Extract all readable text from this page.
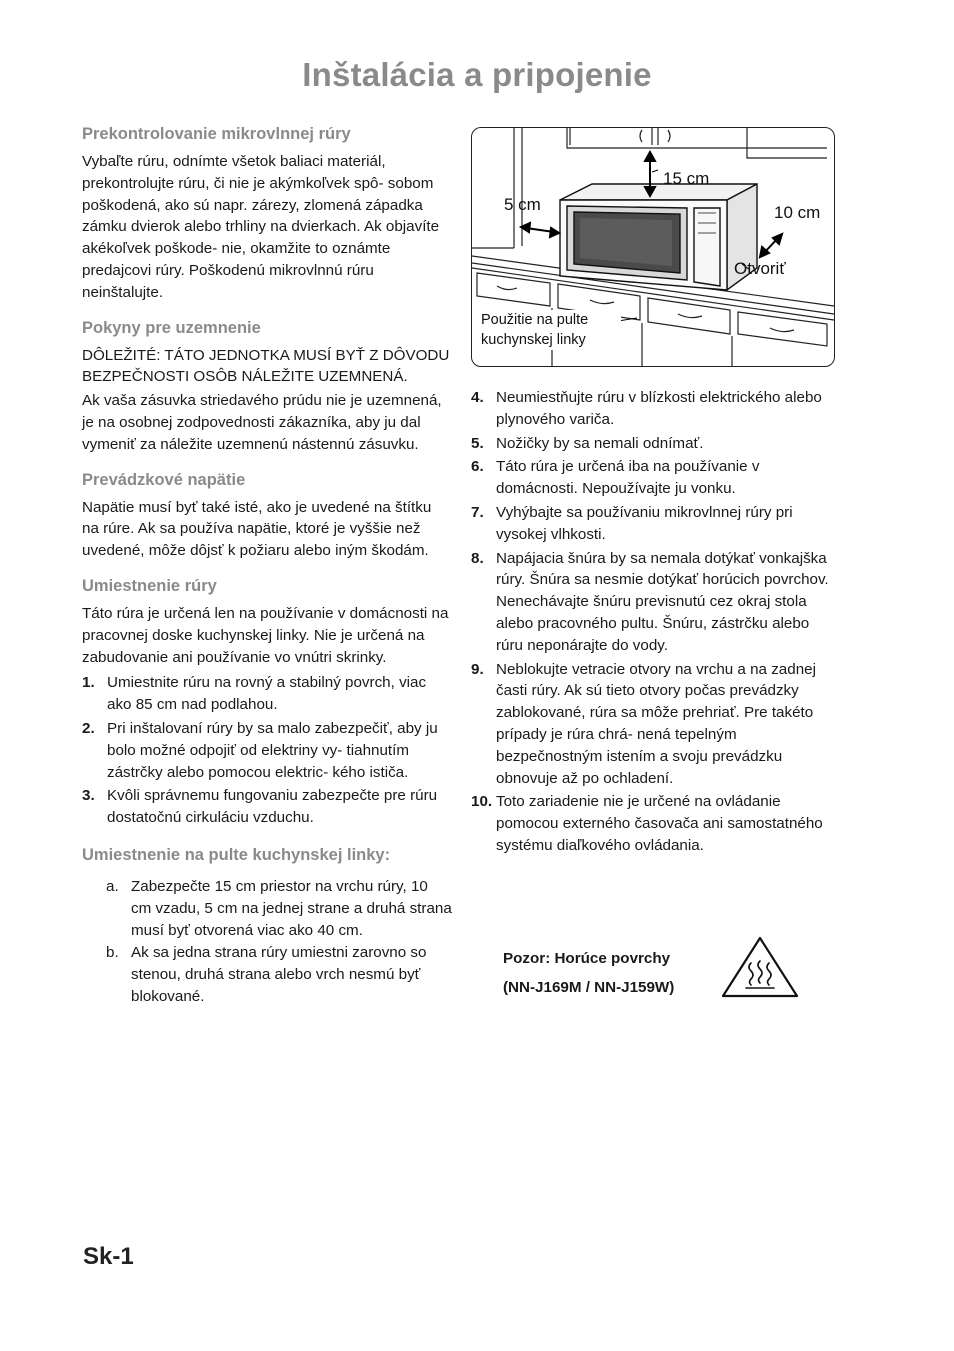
Inštalácia a pripojenie
Prekontrolovanie mikrovlnnej rúry

Vybaľte rúru, odnímte všetok baliaci materiál, prekontrolujte rúru, či nie je akýmkoľvek spô- sobom poškodená, ako sú napr. zárezy, zlomená západka zámku dvierok alebo trhliny na dvierkach. Ak objavíte akékoľvek poškode- nie, okamžite to oznámte predajcovi rúry. Poškodenú mikrovlnnú rúru neinštalujte.

Pokyny pre uzemnenie

DÔLEŽITÉ: TÁTO JEDNOTKA MUSÍ BYŤ Z DÔVODU BEZPEČNOSTI OSÔB NÁLEŽITE UZEMNENÁ.

Ak vaša zásuvka striedavého prúdu nie je uzemnená, je na osobnej zodpovednosti zákazníka, aby ju dal vymeniť za náležite uzemnenú nástennú zásuvku.

Prevádzkové napätie

Napätie musí byť také isté, ako je uvedené na štítku na rúre. Ak sa používa napätie, ktoré je vyššie než uvedené, môže dôjsť k požiaru alebo iným škodám.

Umiestnenie rúry

Táto rúra je určená len na používanie v domácnosti na pracovnej doske kuchynskej linky. Nie je určená na zabudovanie ani používanie vo vnútri skrinky.

1. Umiestnite rúru na rovný a stabilný povrch, viac ako 85 cm nad podlahou.
2. Pri inštalovaní rúry by sa malo zabezpečiť, aby ju bolo možné odpojiť od elektriny vy- tiahnutím zástrčky alebo pomocou elektric- kého ističa.
3. Kvôli správnemu fungovaniu zabezpečte pre rúru dostatočnú cirkuláciu vzduchu.
Umiestnenie na pulte kuchynskej linky:
a. Zabezpečte 15 cm priestor na vrchu rúry, 10 cm vzadu, 5 cm na jednej strane a druhá strana musí byť otvorená viac ako 40 cm.
b. Ak sa jedna strana rúry umiestni zarovno so stenou, druhá strana alebo vrch nesmú byť blokované.
15 cm
5 cm	10 cm
Otvoriť
Použitie na pulte kuchynskej linky
4. Neumiestňujte rúru v blízkosti elektrického alebo plynového variča.
5. Nožičky by sa nemali odnímať.
6. Táto rúra je určená iba na používanie v domácnosti. Nepoužívajte ju vonku.
7. Vyhýbajte sa používaniu mikrovlnnej rúry pri vysokej vlhkosti.
8. Napájacia šnúra by sa nemala dotýkať vonkajška rúry. Šnúra sa nesmie dotýkať horúcich povrchov. Nenechávajte šnúru previsnutú cez okraj stola alebo pracovného pultu. Šnúru, zástrčku alebo rúru neponárajte do vody.
9. Neblokujte vetracie otvory na vrchu a na zadnej časti rúry. Ak sú tieto otvory počas prevádzky zablokované, rúra sa môže prehriať. Pre takéto prípady je rúra chrá- nená tepelným bezpečnostným istením a svoju prevádzku obnovuje až po ochladení.
10. Toto zariadenie nie je určené na ovládanie pomocou externého časovača ani samostatného systému diaľkového ovládania.
Pozor: Horúce povrchy
(NN-J169M / NN-J159W)
Sk-1
